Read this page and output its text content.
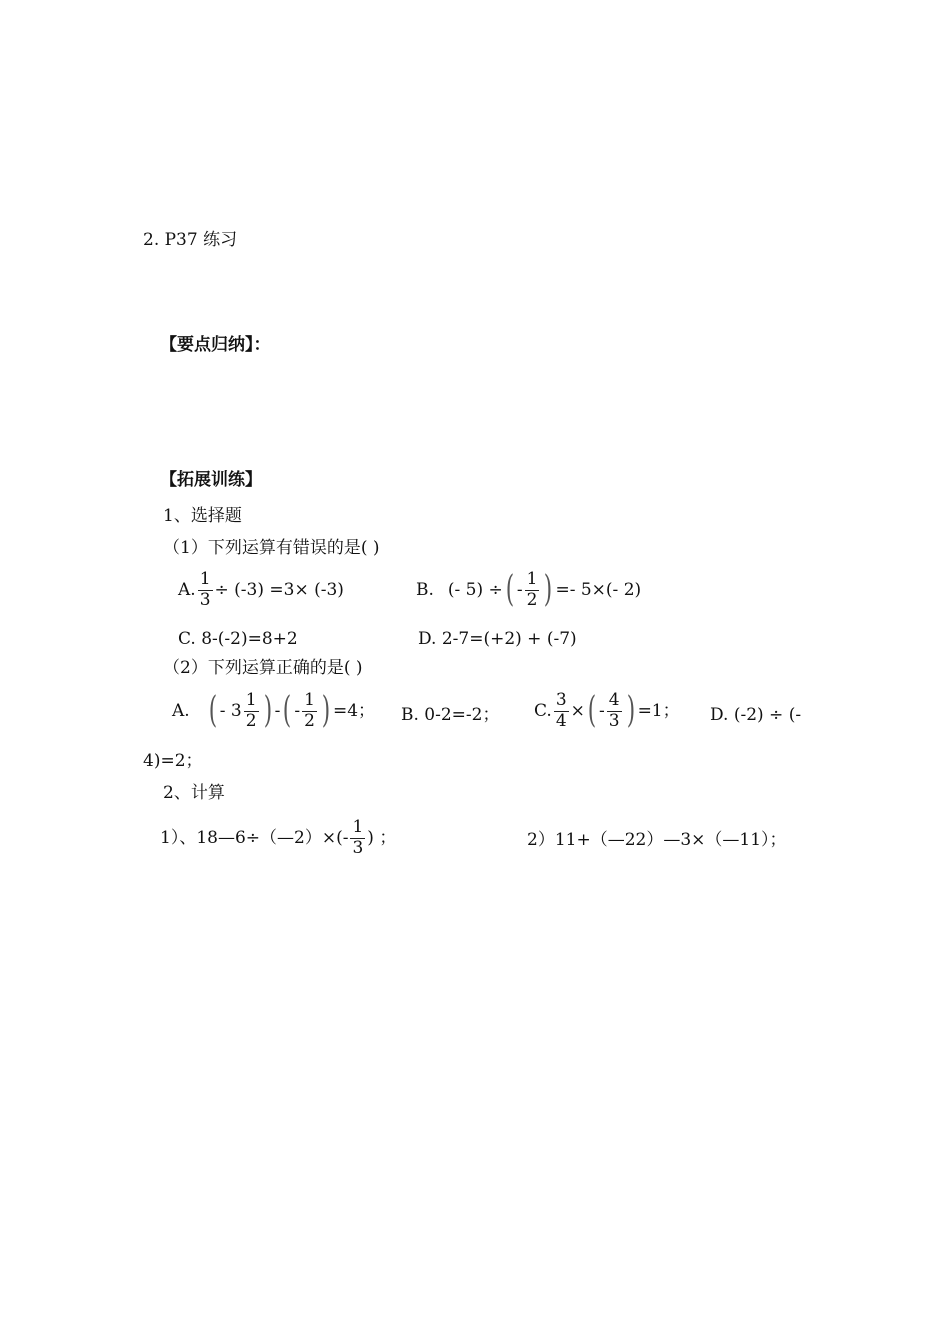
2. P37 练习
【要点归纳】：
【拓展训练】
1、选择题
（1）下列运算有错误的是( )
A. $\frac{1}{3} \div (-3) =3\times (-3)$	B. (- 5) ÷ ( - $\frac{1}{2}$ ) =- 5×(- 2)
C. 8-(-2)=8+2	D. 2-7=(+2) + (-7)
（2）下列运算正确的是( )
A. ( - $3 \frac{1}{2}$ ) - ( - $\frac{1}{2}$ ) =4； B. 0-2=-2； C. $\frac{3}{4}$ × ( - $\frac{4}{3}$ ) =1； D. (-2) ÷ (-
4)=2；
2、计算
1）、18—6÷（—2）×(- $\frac{1}{3}$ ) ；	2）11+（—22）—3×（—11）；
